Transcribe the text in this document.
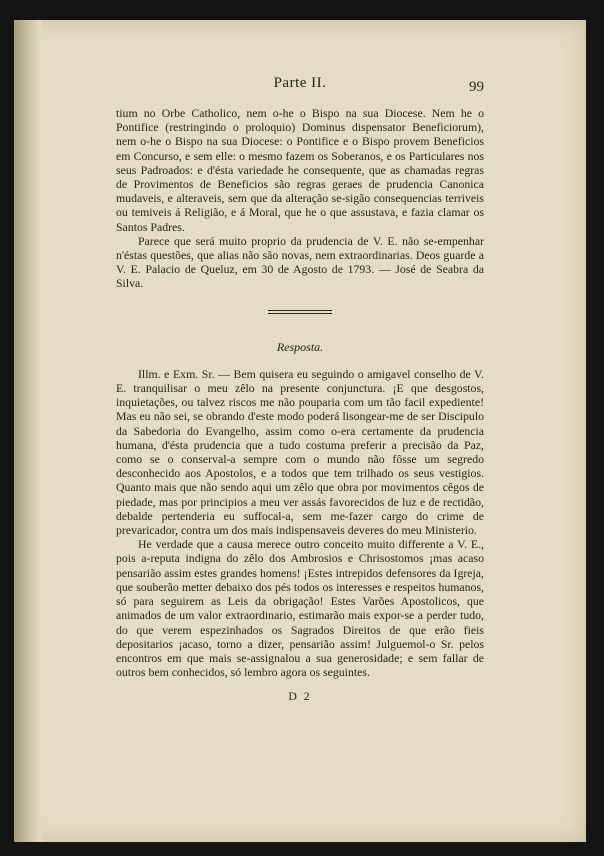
Parte II.	99

tium no Orbe Catholico, nem o-he o Bispo na sua Diocese. Nem he o Pontifice (restringindo o proloquio) Dominus dispensator Beneficiorum), nem o-he o Bispo na sua Diocese: o Pontifice e o Bispo provem Beneficios em Concurso, e sem elle: o mesmo fazem os Soberanos, e os Particulares nos seus Padroados: e d'ésta variedade he consequente, que as chamadas regras de Provimentos de Beneficios são regras geraes de prudencia Canonica mudaveis, e alteraveis, sem que da alteração se-sigão consequencias terriveis ou temiveis á Religião, e á Moral, que he o que assustava, e fazia clamar os Santos Padres.

Parece que será muito proprio da prudencia de V. E. não se-empenhar n'éstas questões, que alias não são novas, nem extraordinarias. Deos guarde a V. E. Palacio de Queluz, em 30 de Agosto de 1793. — José de Seabra da Silva.

Resposta.

Illm. e Exm. Sr. — Bem quisera eu seguindo o amigavel conselho de V. E. tranquilisar o meu zêlo na presente conjunctura. ¡E que desgostos, inquietações, ou talvez riscos me não pouparia com um tão facil expediente! Mas eu não sei, se obrando d'este modo poderá lisongear-me de ser Discipulo da Sabedoria do Evangelho, assim como o-era certamente da prudencia humana, d'ésta prudencia que a tudo costuma preferir a precisão da Paz, como se o conserval-a sempre com o mundo não fôsse um segredo desconhecido aos Apostolos, e a todos que tem trilhado os seus vestigios. Quanto mais que não sendo aqui um zêlo que obra por movimentos cêgos de piedade, mas por principios a meu ver assás favorecidos de luz e de rectidão, debalde pertenderia eu suffocal-a, sem me-fazer cargo do crime de prevaricador, contra um dos mais indispensaveis deveres do meu Ministerio.

He verdade que a causa merece outro conceito muito differente a V. E., pois a-reputa indigna do zêlo dos Ambrosios e Chrisostomos ¡mas acaso pensarião assim estes grandes homens! ¡Estes intrepidos defensores da Igreja, que souberão metter debaixo dos pés todos os interesses e respeitos humanos, só para seguirem as Leis da obrigação! Estes Varões Apostolicos, que animados de um valor extraordinario, estimarão mais expor-se a perder tudo, do que verem espezinhados os Sagrados Direitos de que erão fieis depositarios ¡acaso, torno a dizer, pensarião assim! Julguemol-o Sr. pelos encontros em que mais se-assignalou a sua generosidade; e sem fallar de outros bem conhecidos, só lembro agora os seguintes.

D 2
